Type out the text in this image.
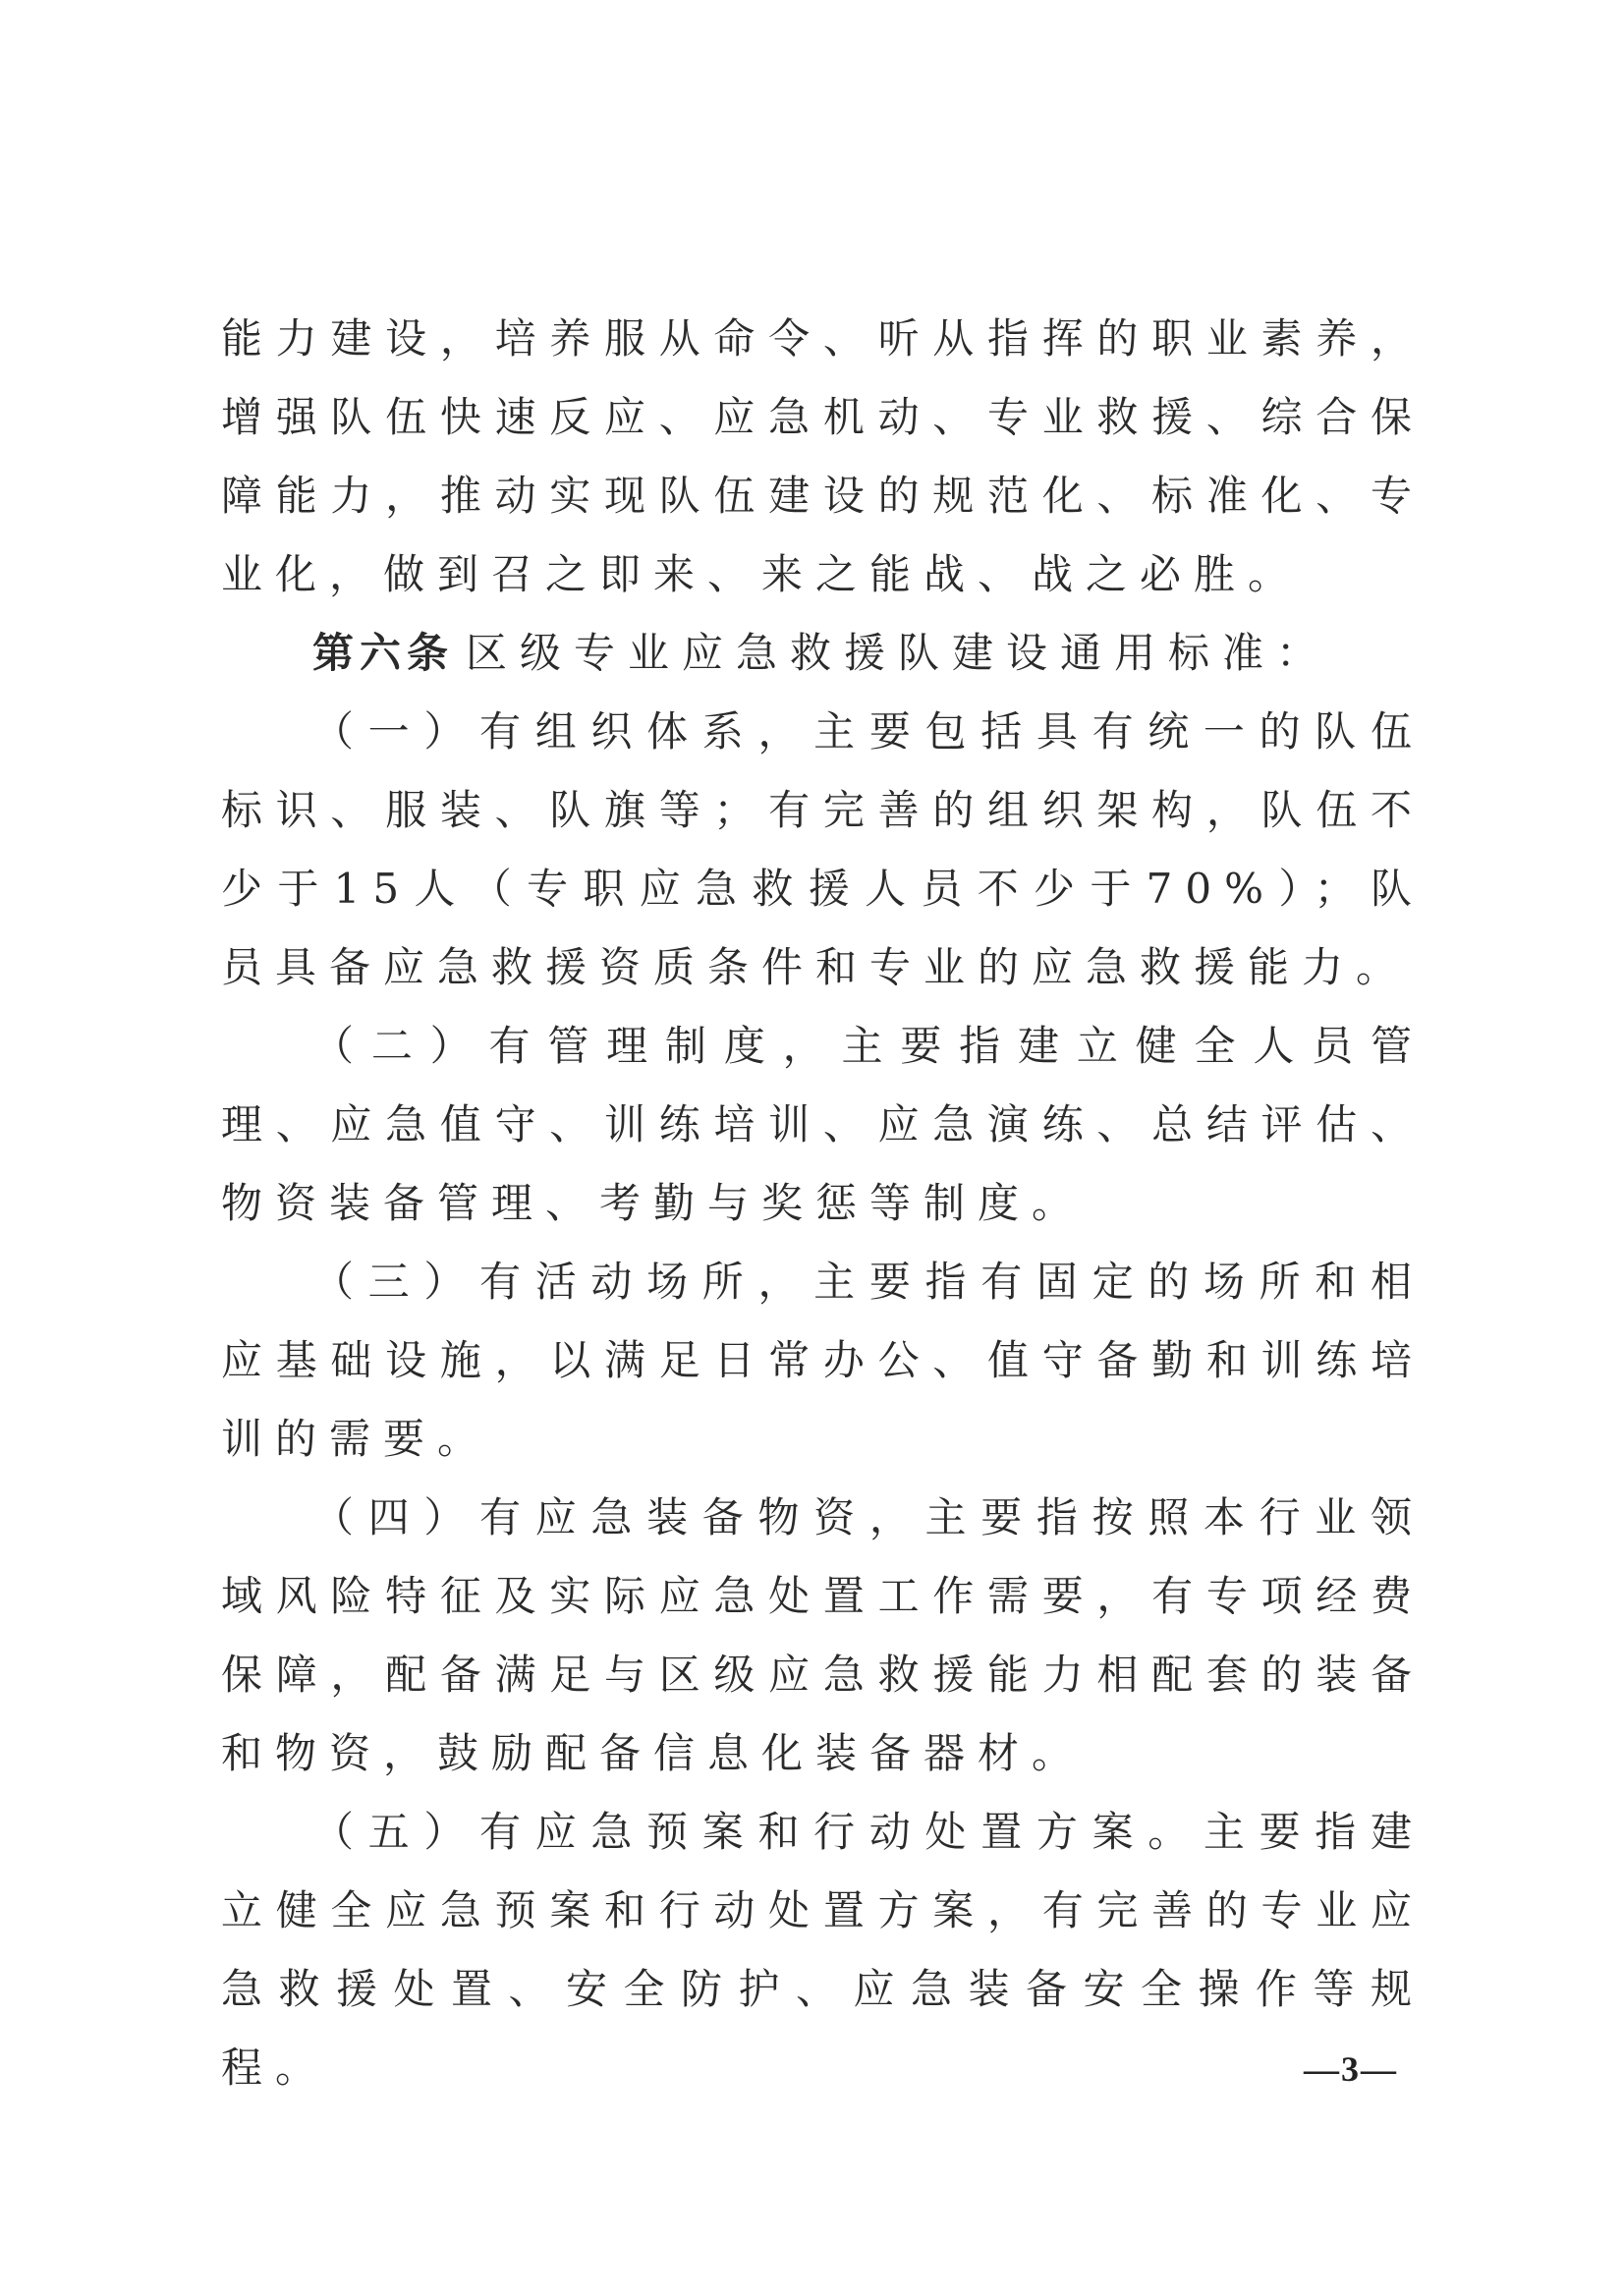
能力建设，培养服从命令、听从指挥的职业素养，增强队伍快速反应、应急机动、专业救援、综合保障能力，推动实现队伍建设的规范化、标准化、专业化，做到召之即来、来之能战、战之必胜。

第六条 区级专业应急救援队建设通用标准：

（一）有组织体系，主要包括具有统一的队伍标识、服装、队旗等；有完善的组织架构，队伍不少于15人（专职应急救援人员不少于70%）；队员具备应急救援资质条件和专业的应急救援能力。

（二）有管理制度，主要指建立健全人员管理、应急值守、训练培训、应急演练、总结评估、物资装备管理、考勤与奖惩等制度。

（三）有活动场所，主要指有固定的场所和相应基础设施，以满足日常办公、值守备勤和训练培训的需要。

（四）有应急装备物资，主要指按照本行业领域风险特征及实际应急处置工作需要，有专项经费保障，配备满足与区级应急救援能力相配套的装备和物资，鼓励配备信息化装备器材。

（五）有应急预案和行动处置方案。主要指建立健全应急预案和行动处置方案，有完善的专业应急救援处置、安全防护、应急装备安全操作等规程。	—3—
